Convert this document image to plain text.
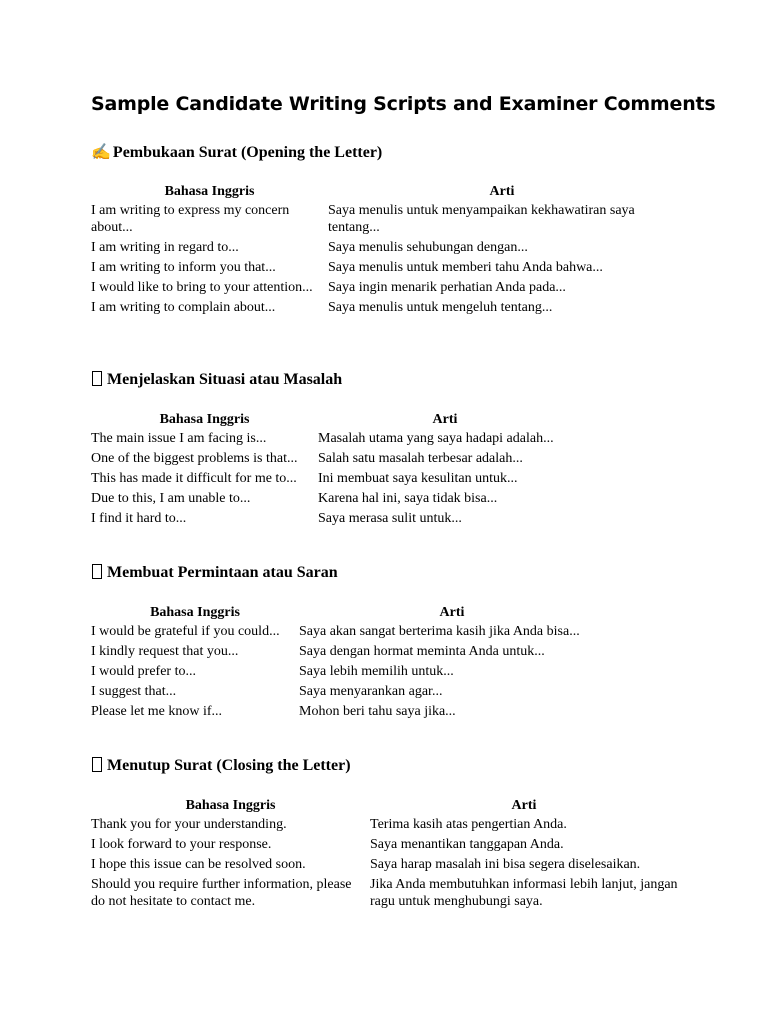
Sample Candidate Writing Scripts and Examiner Comments
✍ Pembukaan Surat (Opening the Letter)
Bahasa Inggris	Arti
I am writing to express my concern about...	Saya menulis untuk menyampaikan kekhawatiran saya tentang...
I am writing in regard to...	Saya menulis sehubungan dengan...
I am writing to inform you that...	Saya menulis untuk memberi tahu Anda bahwa...
I would like to bring to your attention...	Saya ingin menarik perhatian Anda pada...
I am writing to complain about...	Saya menulis untuk mengeluh tentang...
Menjelaskan Situasi atau Masalah
Bahasa Inggris	Arti
The main issue I am facing is...	Masalah utama yang saya hadapi adalah...
One of the biggest problems is that...	Salah satu masalah terbesar adalah...
This has made it difficult for me to...	Ini membuat saya kesulitan untuk...
Due to this, I am unable to...	Karena hal ini, saya tidak bisa...
I find it hard to...	Saya merasa sulit untuk...
Membuat Permintaan atau Saran
Bahasa Inggris	Arti
I would be grateful if you could...	Saya akan sangat berterima kasih jika Anda bisa...
I kindly request that you...	Saya dengan hormat meminta Anda untuk...
I would prefer to...	Saya lebih memilih untuk...
I suggest that...	Saya menyarankan agar...
Please let me know if...	Mohon beri tahu saya jika...
Menutup Surat (Closing the Letter)
Bahasa Inggris	Arti
Thank you for your understanding.	Terima kasih atas pengertian Anda.
I look forward to your response.	Saya menantikan tanggapan Anda.
I hope this issue can be resolved soon.	Saya harap masalah ini bisa segera diselesaikan.
Should you require further information, please do not hesitate to contact me.	Jika Anda membutuhkan informasi lebih lanjut, jangan ragu untuk menghubungi saya.
